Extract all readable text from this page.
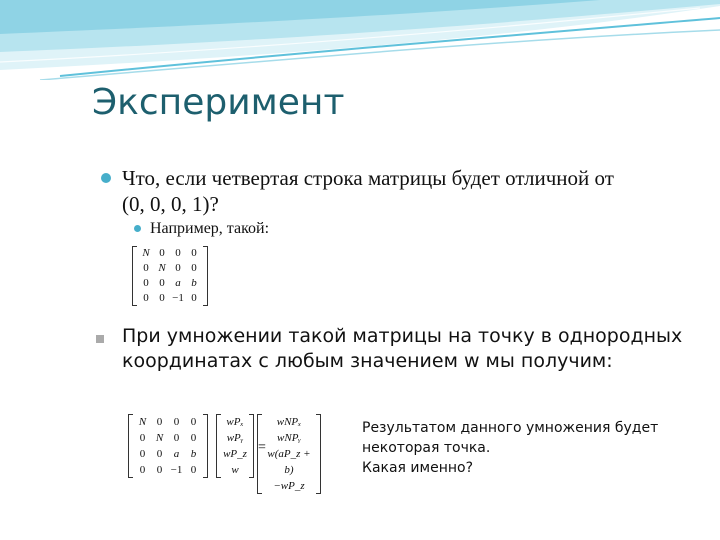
Эксперимент
Что, если четвертая строка матрицы будет отличной от (0, 0, 0, 1)?
Например, такой:
N	0	0	0
0	N	0	0
0	0	a	b
0	0	−1	0
При умножении такой матрицы на точку в однородных координатах с любым значением w мы получим:
N	0	0	0
0	N	0	0
0	0	a	b
0	0	−1	0
wPₓ
wPᵧ
wP_z
w
=
wNPₓ
wNPᵧ
w(aP_z + b)
−wP_z
Результатом данного умножения будет
некоторая точка.
Какая именно?
